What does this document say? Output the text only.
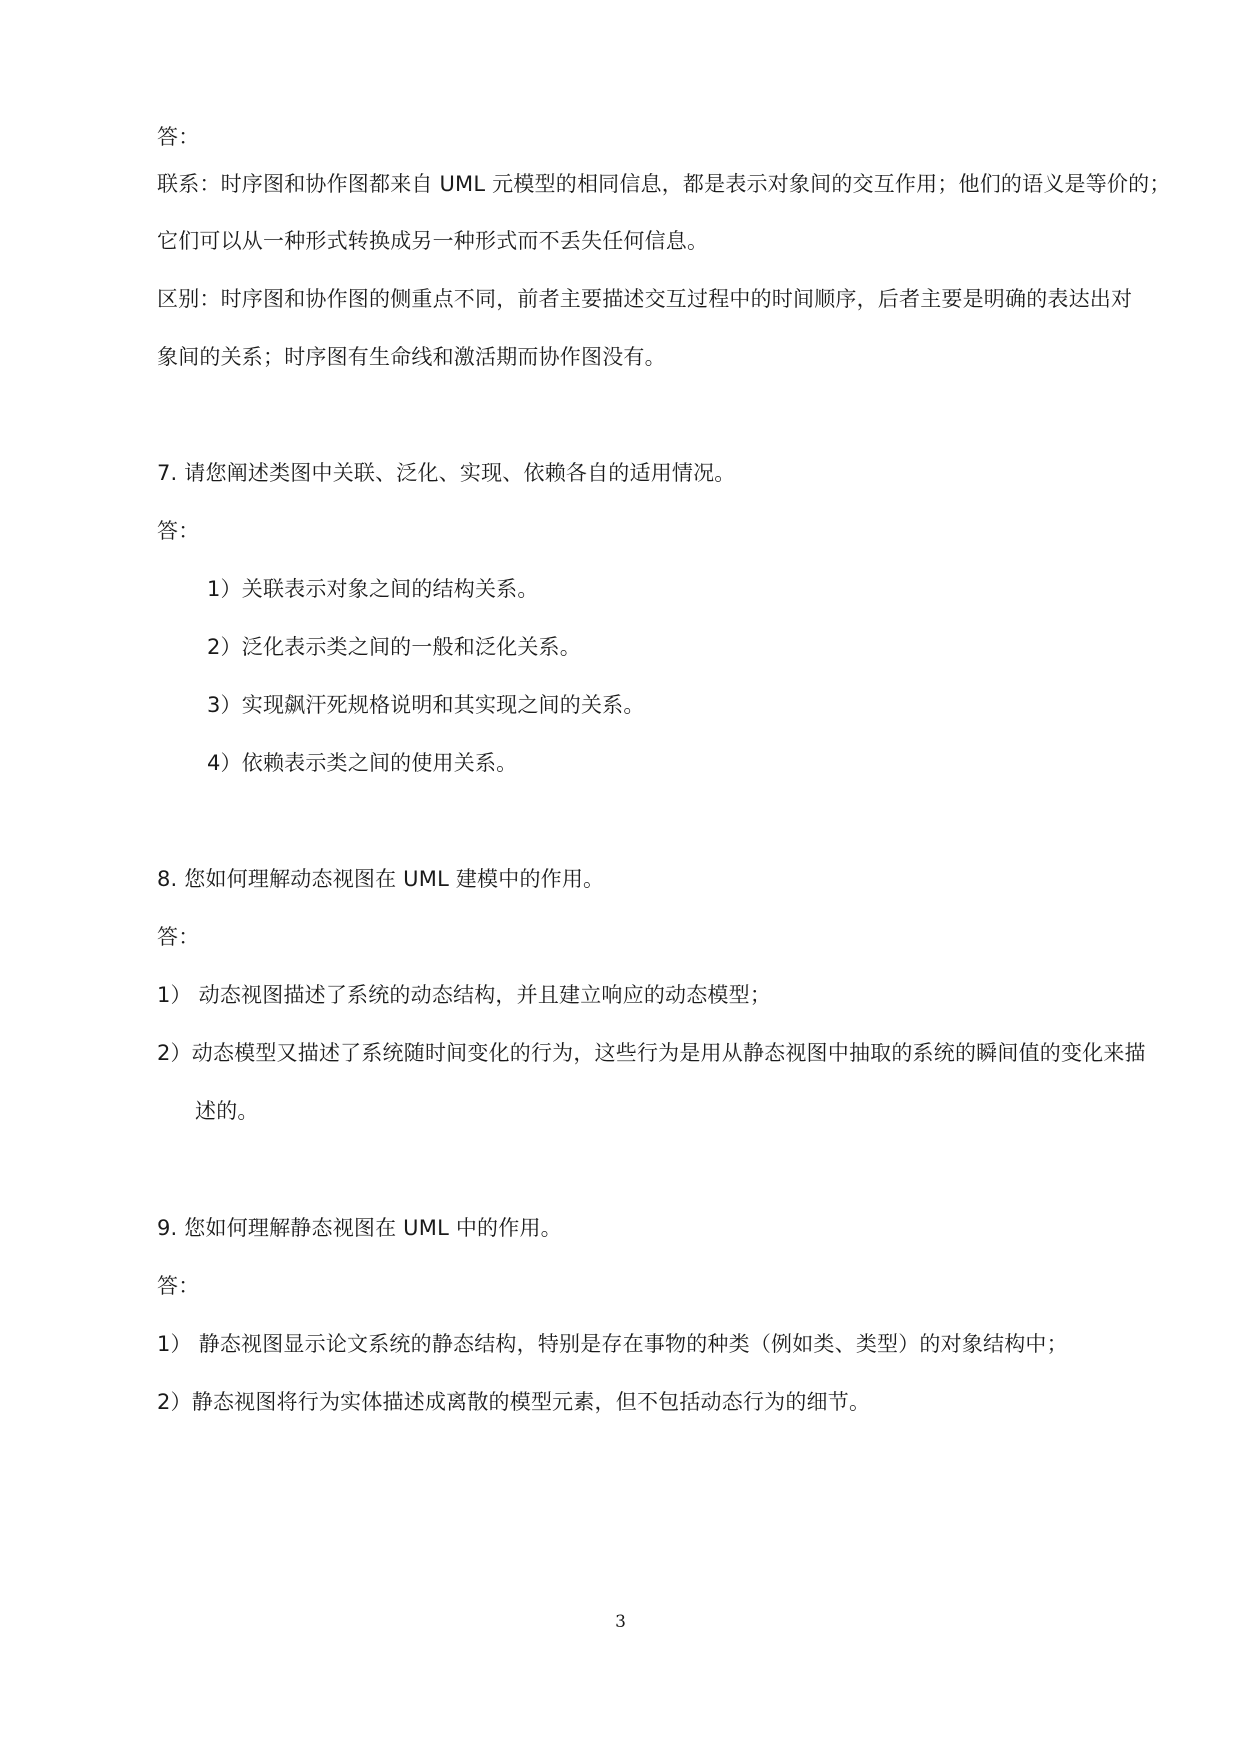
答：
联系：时序图和协作图都来自 UML 元模型的相同信息，都是表示对象间的交互作用；他们的语义是等价的；
它们可以从一种形式转换成另一种形式而不丢失任何信息。
区别：时序图和协作图的侧重点不同，前者主要描述交互过程中的时间顺序，后者主要是明确的表达出对
象间的关系；时序图有生命线和激活期而协作图没有。
7. 请您阐述类图中关联、泛化、实现、依赖各自的适用情况。
答：
1）关联表示对象之间的结构关系。
2）泛化表示类之间的一般和泛化关系。
3）实现飙汗死规格说明和其实现之间的关系。
4）依赖表示类之间的使用关系。
8. 您如何理解动态视图在 UML 建模中的作用。
答：
1） 动态视图描述了系统的动态结构，并且建立响应的动态模型；
2）动态模型又描述了系统随时间变化的行为，这些行为是用从静态视图中抽取的系统的瞬间值的变化来描
述的。
9. 您如何理解静态视图在 UML 中的作用。
答：
1） 静态视图显示论文系统的静态结构，特别是存在事物的种类（例如类、类型）的对象结构中；
2）静态视图将行为实体描述成离散的模型元素，但不包括动态行为的细节。
3
